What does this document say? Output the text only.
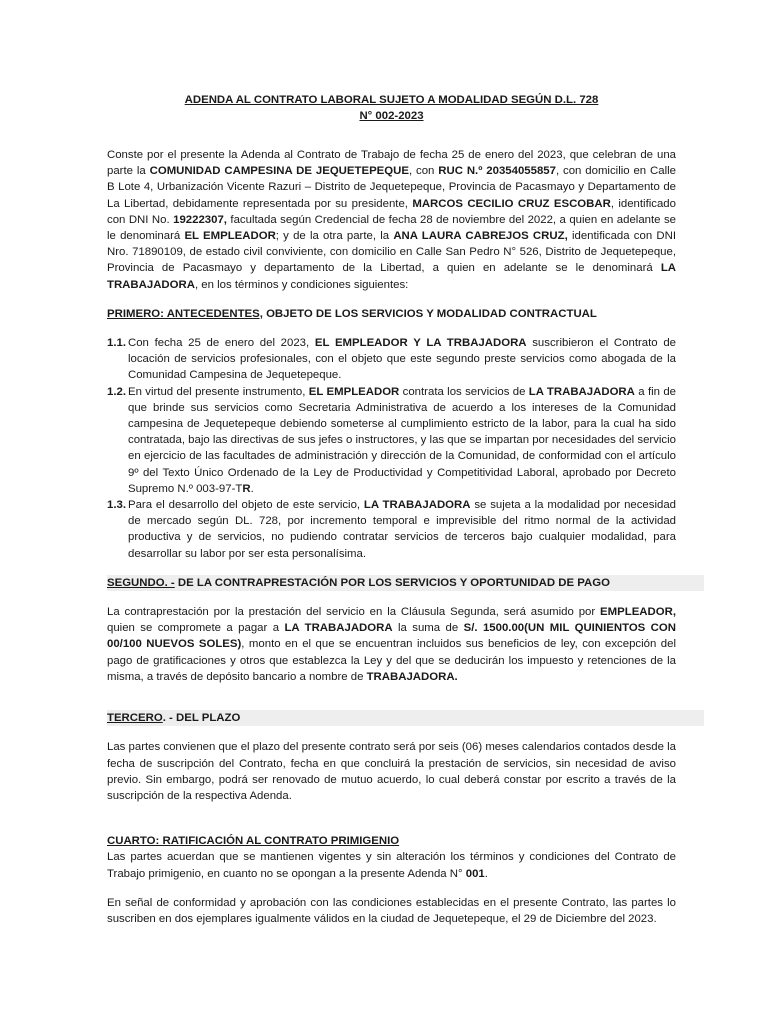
ADENDA AL CONTRATO LABORAL SUJETO A MODALIDAD SEGÚN D.L. 728
N° 002-2023

Conste por el presente la Adenda al Contrato de Trabajo de fecha 25 de enero del 2023, que celebran de una parte la COMUNIDAD CAMPESINA DE JEQUETEPEQUE, con RUC N.º 20354055857, con domicilio en Calle B Lote 4, Urbanización Vicente Razuri – Distrito de Jequetepeque, Provincia de Pacasmayo y Departamento de La Libertad, debidamente representada por su presidente, MARCOS CECILIO CRUZ ESCOBAR, identificado con DNI No. 19222307, facultada según Credencial de fecha 28 de noviembre del 2022, a quien en adelante se le denominará EL EMPLEADOR; y de la otra parte, la ANA LAURA CABREJOS CRUZ, identificada con DNI Nro. 71890109, de estado civil conviviente, con domicilio en Calle San Pedro N° 526, Distrito de Jequetepeque, Provincia de Pacasmayo y departamento de la Libertad, a quien en adelante se le denominará LA TRABAJADORA, en los términos y condiciones siguientes:

PRIMERO: ANTECEDENTES, OBJETO DE LOS SERVICIOS Y MODALIDAD CONTRACTUAL

1.1. Con fecha 25 de enero del 2023, EL EMPLEADOR Y LA TRBAJADORA suscribieron el Contrato de locación de servicios profesionales, con el objeto que este segundo preste servicios como abogada de la Comunidad Campesina de Jequetepeque.
1.2. En virtud del presente instrumento, EL EMPLEADOR contrata los servicios de LA TRABAJADORA a fin de que brinde sus servicios como Secretaria Administrativa de acuerdo a los intereses de la Comunidad campesina de Jequetepeque debiendo someterse al cumplimiento estricto de la labor, para la cual ha sido contratada, bajo las directivas de sus jefes o instructores, y las que se impartan por necesidades del servicio en ejercicio de las facultades de administración y dirección de la Comunidad, de conformidad con el artículo 9º del Texto Único Ordenado de la Ley de Productividad y Competitividad Laboral, aprobado por Decreto Supremo N.º 003-97-TR.
1.3. Para el desarrollo del objeto de este servicio, LA TRABAJADORA se sujeta a la modalidad por necesidad de mercado según DL. 728, por incremento temporal e imprevisible del ritmo normal de la actividad productiva y de servicios, no pudiendo contratar servicios de terceros bajo cualquier modalidad, para desarrollar su labor por ser esta personalísima.

SEGUNDO. - DE LA CONTRAPRESTACIÓN POR LOS SERVICIOS Y OPORTUNIDAD DE PAGO

La contraprestación por la prestación del servicio en la Cláusula Segunda, será asumido por EMPLEADOR, quien se compromete a pagar a LA TRABAJADORA la suma de S/. 1500.00(UN MIL QUINIENTOS CON 00/100 NUEVOS SOLES), monto en el que se encuentran incluidos sus beneficios de ley, con excepción del pago de gratificaciones y otros que establezca la Ley y del que se deducirán los impuesto y retenciones de la misma, a través de depósito bancario a nombre de TRABAJADORA.

TERCERO. - DEL PLAZO

Las partes convienen que el plazo del presente contrato será por seis (06) meses calendarios contados desde la fecha de suscripción del Contrato, fecha en que concluirá la prestación de servicios, sin necesidad de aviso previo. Sin embargo, podrá ser renovado de mutuo acuerdo, lo cual deberá constar por escrito a través de la suscripción de la respectiva Adenda.

CUARTO: RATIFICACIÓN AL CONTRATO PRIMIGENIO

Las partes acuerdan que se mantienen vigentes y sin alteración los términos y condiciones del Contrato de Trabajo primigenio, en cuanto no se opongan a la presente Adenda N° 001.

En señal de conformidad y aprobación con las condiciones establecidas en el presente Contrato, las partes lo suscriben en dos ejemplares igualmente válidos en la ciudad de Jequetepeque, el 29 de Diciembre del 2023.
